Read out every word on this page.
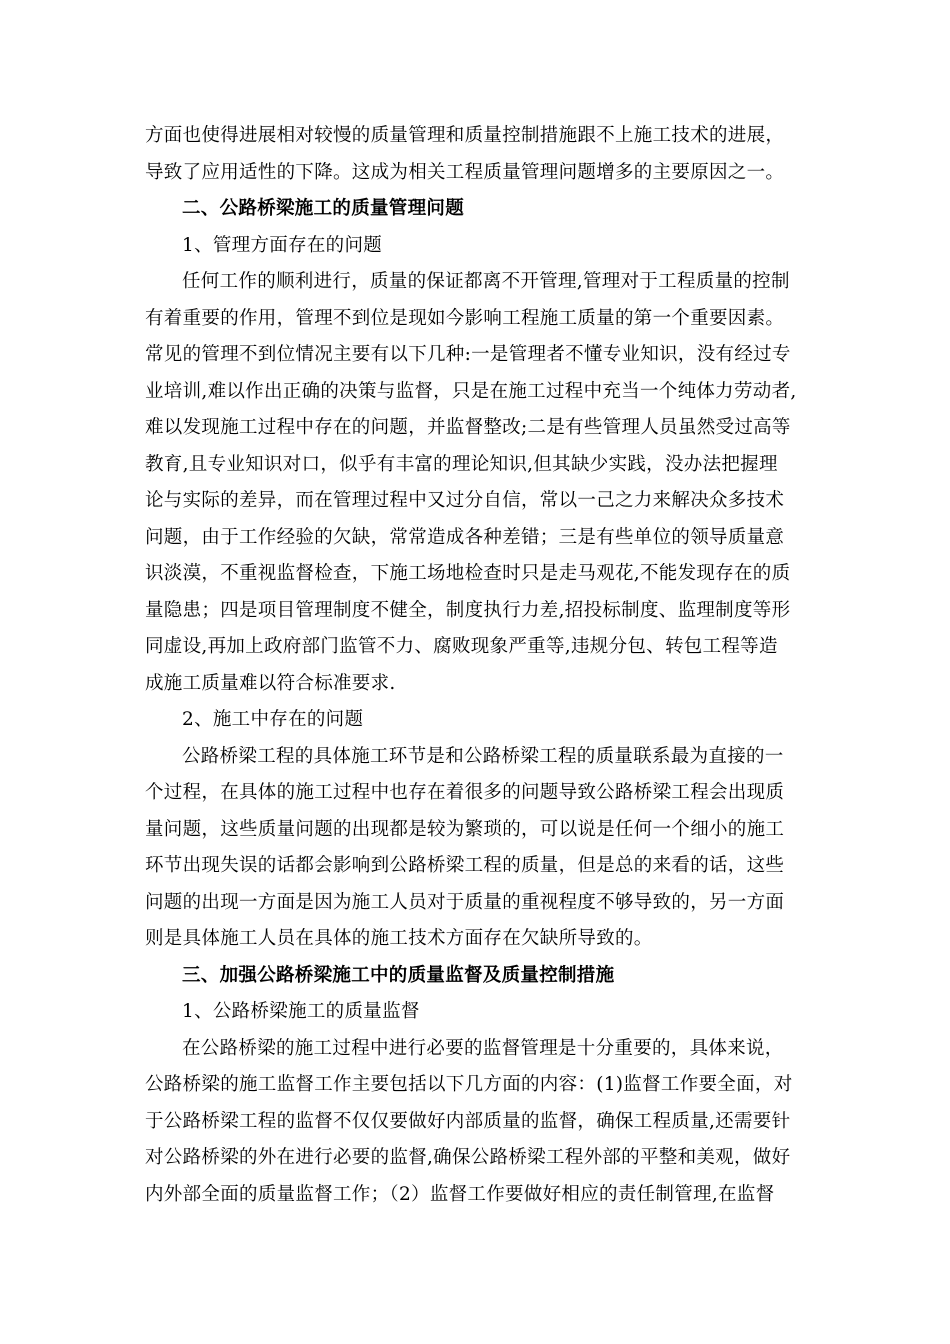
方面也使得进展相对较慢的质量管理和质量控制措施跟不上施工技术的进展，
导致了应用适性的下降。这成为相关工程质量管理问题增多的主要原因之一。
二、公路桥梁施工的质量管理问题
1、管理方面存在的问题
任何工作的顺利进行，质量的保证都离不开管理,管理对于工程质量的控制
有着重要的作用，管理不到位是现如今影响工程施工质量的第一个重要因素。
常见的管理不到位情况主要有以下几种:一是管理者不懂专业知识，没有经过专
业培训,难以作出正确的决策与监督，只是在施工过程中充当一个纯体力劳动者,
难以发现施工过程中存在的问题，并监督整改;二是有些管理人员虽然受过高等
教育,且专业知识对口，似乎有丰富的理论知识,但其缺少实践，没办法把握理
论与实际的差异，而在管理过程中又过分自信，常以一己之力来解决众多技术
问题，由于工作经验的欠缺，常常造成各种差错；三是有些单位的领导质量意
识淡漠，不重视监督检查，下施工场地检查时只是走马观花,不能发现存在的质
量隐患；四是项目管理制度不健全，制度执行力差,招投标制度、监理制度等形
同虚设,再加上政府部门监管不力、腐败现象严重等,违规分包、转包工程等造
成施工质量难以符合标准要求.
2、施工中存在的问题
公路桥梁工程的具体施工环节是和公路桥梁工程的质量联系最为直接的一
个过程，在具体的施工过程中也存在着很多的问题导致公路桥梁工程会出现质
量问题，这些质量问题的出现都是较为繁琐的，可以说是任何一个细小的施工
环节出现失误的话都会影响到公路桥梁工程的质量，但是总的来看的话，这些
问题的出现一方面是因为施工人员对于质量的重视程度不够导致的，另一方面
则是具体施工人员在具体的施工技术方面存在欠缺所导致的。
三、加强公路桥梁施工中的质量监督及质量控制措施
1、公路桥梁施工的质量监督
在公路桥梁的施工过程中进行必要的监督管理是十分重要的，具体来说，
公路桥梁的施工监督工作主要包括以下几方面的内容：(1)监督工作要全面，对
于公路桥梁工程的监督不仅仅要做好内部质量的监督，确保工程质量,还需要针
对公路桥梁的外在进行必要的监督,确保公路桥梁工程外部的平整和美观，做好
内外部全面的质量监督工作；（2）监督工作要做好相应的责任制管理,在监督
